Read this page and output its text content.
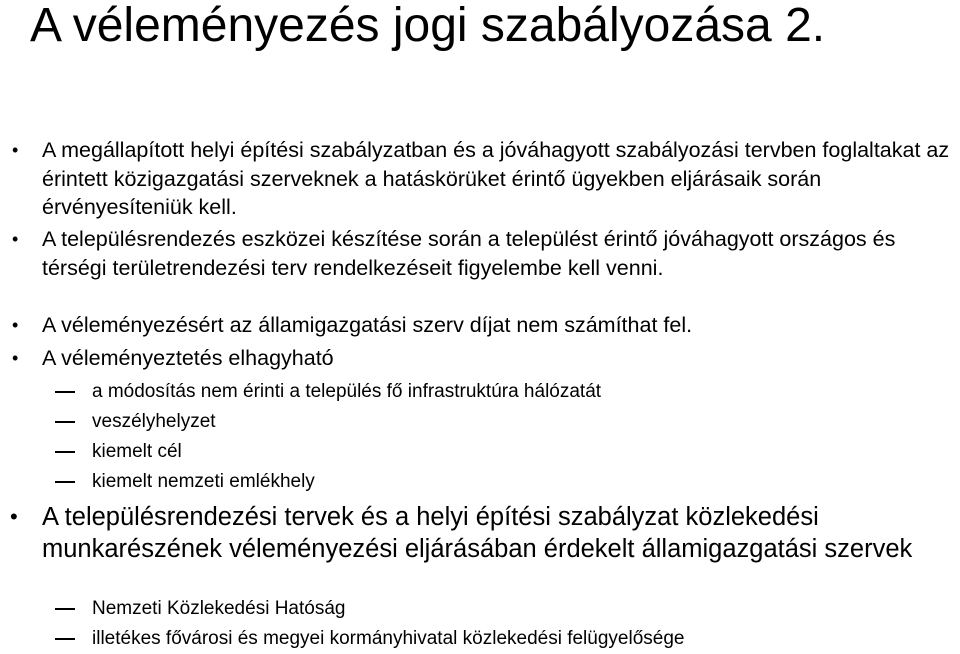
A véleményezés jogi szabályozása 2.
• A megállapított helyi építési szabályzatban és a jóváhagyott szabályozási tervben foglaltakat az érintett közigazgatási szerveknek a hatáskörüket érintő ügyekben eljárásaik során érvényesíteniük kell.
• A településrendezés eszközei készítése során a települést érintő jóváhagyott országos és térségi területrendezési terv rendelkezéseit figyelembe kell venni.
• A véleményezésért az államigazgatási szerv díjat nem számíthat fel.
• A véleményeztetés elhagyható
a módosítás nem érinti a település fő infrastruktúra hálózatát
veszélyhelyzet
kiemelt cél
kiemelt nemzeti emlékhely
• A településrendezési tervek és a helyi építési szabályzat közlekedési munkarészének véleményezési eljárásában érdekelt államigazgatási szervek
Nemzeti Közlekedési Hatóság
illetékes fővárosi és megyei kormányhivatal közlekedési felügyelősége
